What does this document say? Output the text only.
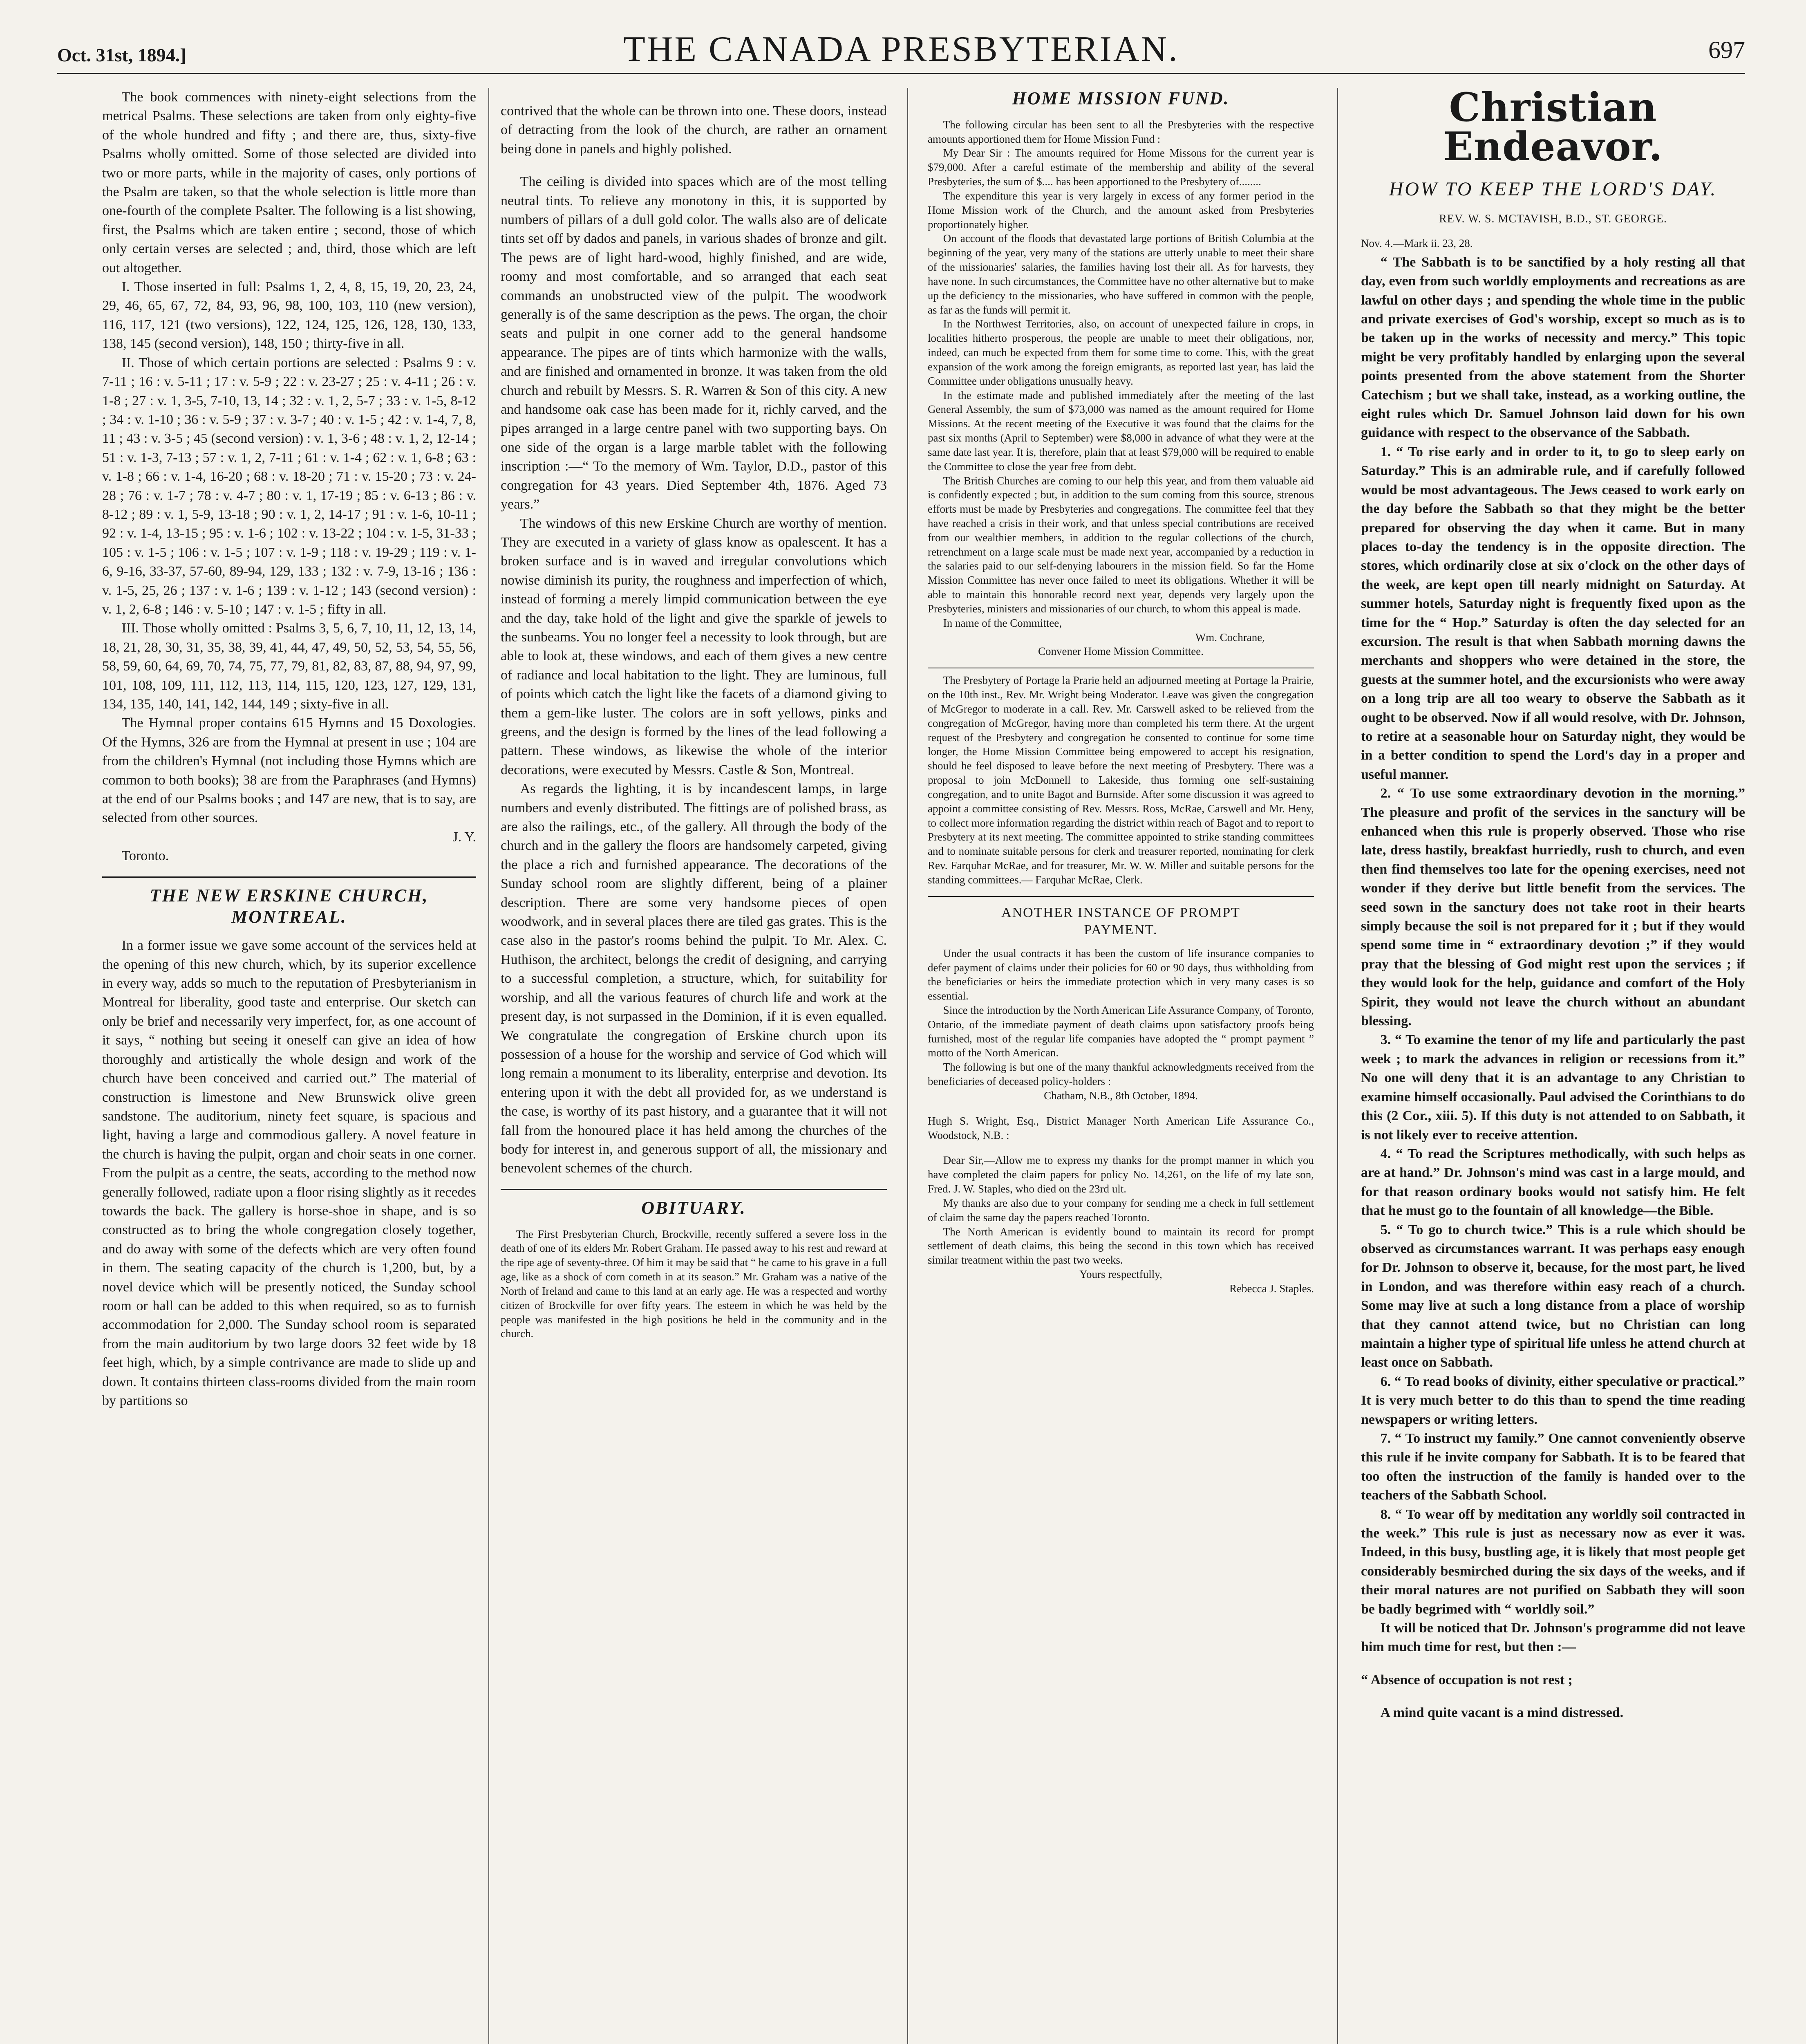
THE CANADA PRESBYTERIAN.
Oct. 31st, 1894.]	697

The book commences with ninety-eight selections from the metrical Psalms. These selections are taken from only eighty-five of the whole hundred and fifty ; and there are, thus, sixty-five Psalms wholly omitted. Some of those selected are divided into two or more parts, while in the majority of cases, only portions of the Psalm are taken, so that the whole selection is little more than one-fourth of the complete Psalter. The following is a list showing, first, the Psalms which are taken entire ; second, those of which only certain verses are selected ; and, third, those which are left out altogether.

I. Those inserted in full: Psalms 1, 2, 4, 8, 15, 19, 20, 23, 24, 29, 46, 65, 67, 72, 84, 93, 96, 98, 100, 103, 110 (new version), 116, 117, 121 (two versions), 122, 124, 125, 126, 128, 130, 133, 138, 145 (second version), 148, 150 ; thirty-five in all.

II. Those of which certain portions are selected : Psalms 9 : v. 7-11 ; 16 : v. 5-11 ; 17 : v. 5-9 ; 22 : v. 23-27 ; 25 : v. 4-11 ; 26 : v. 1-8 ; 27 : v. 1, 3-5, 7-10, 13, 14 ; 32 : v. 1, 2, 5-7 ; 33 : v. 1-5, 8-12 ; 34 : v. 1-10 ; 36 : v. 5-9 ; 37 : v. 3-7 ; 40 : v. 1-5 ; 42 : v. 1-4, 7, 8, 11 ; 43 : v. 3-5 ; 45 (second version) : v. 1, 3-6 ; 48 : v. 1, 2, 12-14 ; 51 : v. 1-3, 7-13 ; 57 : v. 1, 2, 7-11 ; 61 : v. 1-4 ; 62 : v. 1, 6-8 ; 63 : v. 1-8 ; 66 : v. 1-4, 16-20 ; 68 : v. 18-20 ; 71 : v. 15-20 ; 73 : v. 24-28 ; 76 : v. 1-7 ; 78 : v. 4-7 ; 80 : v. 1, 17-19 ; 85 : v. 6-13 ; 86 : v. 8-12 ; 89 : v. 1, 5-9, 13-18 ; 90 : v. 1, 2, 14-17 ; 91 : v. 1-6, 10-11 ; 92 : v. 1-4, 13-15 ; 95 : v. 1-6 ; 102 : v. 13-22 ; 104 : v. 1-5, 31-33 ; 105 : v. 1-5 ; 106 : v. 1-5 ; 107 : v. 1-9 ; 118 : v. 19-29 ; 119 : v. 1-6, 9-16, 33-37, 57-60, 89-94, 129, 133 ; 132 : v. 7-9, 13-16 ; 136 : v. 1-5, 25, 26 ; 137 : v. 1-6 ; 139 : v. 1-12 ; 143 (second version) : v. 1, 2, 6-8 ; 146 : v. 5-10 ; 147 : v. 1-5 ; fifty in all.

III. Those wholly omitted : Psalms 3, 5, 6, 7, 10, 11, 12, 13, 14, 18, 21, 28, 30, 31, 35, 38, 39, 41, 44, 47, 49, 50, 52, 53, 54, 55, 56, 58, 59, 60, 64, 69, 70, 74, 75, 77, 79, 81, 82, 83, 87, 88, 94, 97, 99, 101, 108, 109, 111, 112, 113, 114, 115, 120, 123, 127, 129, 131, 134, 135, 140, 141, 142, 144, 149 ; sixty-five in all.

The Hymnal proper contains 615 Hymns and 15 Doxologies. Of the Hymns, 326 are from the Hymnal at present in use ; 104 are from the children's Hymnal (not including those Hymns which are common to both books); 38 are from the Paraphrases (and Hymns) at the end of our Psalms books ; and 147 are new, that is to say, are selected from other sources.

J. Y.

Toronto.

THE NEW ERSKINE CHURCH,
MONTREAL.

In a former issue we gave some account of the services held at the opening of this new church, which, by its superior excellence in every way, adds so much to the reputation of Presbyterianism in Montreal for liberality, good taste and enterprise. Our sketch can only be brief and necessarily very imperfect, for, as one account of it says, “ nothing but seeing it oneself can give an idea of how thoroughly and artistically the whole design and work of the church have been conceived and carried out.” The material of construction is limestone and New Brunswick olive green sandstone. The auditorium, ninety feet square, is spacious and light, having a large and commodious gallery. A novel feature in the church is having the pulpit, organ and choir seats in one corner. From the pulpit as a centre, the seats, according to the method now generally followed, radiate upon a floor rising slightly as it recedes towards the back. The gallery is horse-shoe in shape, and is so constructed as to bring the whole congregation closely together, and do away with some of the defects which are very often found in them. The seating capacity of the church is 1,200, but, by a novel device which will be presently noticed, the Sunday school room or hall can be added to this when required, so as to furnish accommodation for 2,000. The Sunday school room is separated from the main auditorium by two large doors 32 feet wide by 18 feet high, which, by a simple contrivance are made to slide up and down. It contains thirteen class-rooms divided from the main room by partitions so

contrived that the whole can be thrown into one. These doors, instead of detracting from the look of the church, are rather an ornament being done in panels and highly polished.

The ceiling is divided into spaces which are of the most telling neutral tints. To relieve any monotony in this, it is supported by numbers of pillars of a dull gold color. The walls also are of delicate tints set off by dados and panels, in various shades of bronze and gilt. The pews are of light hard-wood, highly finished, and are wide, roomy and most comfortable, and so arranged that each seat commands an unobstructed view of the pulpit. The woodwork generally is of the same description as the pews. The organ, the choir seats and pulpit in one corner add to the general handsome appearance. The pipes are of tints which harmonize with the walls, and are finished and ornamented in bronze. It was taken from the old church and rebuilt by Messrs. S. R. Warren & Son of this city. A new and handsome oak case has been made for it, richly carved, and the pipes arranged in a large centre panel with two supporting bays. On one side of the organ is a large marble tablet with the following inscription :—“ To the memory of Wm. Taylor, D.D., pastor of this congregation for 43 years. Died September 4th, 1876. Aged 73 years.”

The windows of this new Erskine Church are worthy of mention. They are executed in a variety of glass know as opalescent. It has a broken surface and is in waved and irregular convolutions which nowise diminish its purity, the roughness and imperfection of which, instead of forming a merely limpid communication between the eye and the day, take hold of the light and give the sparkle of jewels to the sunbeams. You no longer feel a necessity to look through, but are able to look at, these windows, and each of them gives a new centre of radiance and local habitation to the light. They are luminous, full of points which catch the light like the facets of a diamond giving to them a gem-like luster. The colors are in soft yellows, pinks and greens, and the design is formed by the lines of the lead following a pattern. These windows, as likewise the whole of the interior decorations, were executed by Messrs. Castle & Son, Montreal.

As regards the lighting, it is by incandescent lamps, in large numbers and evenly distributed. The fittings are of polished brass, as are also the railings, etc., of the gallery. All through the body of the church and in the gallery the floors are handsomely carpeted, giving the place a rich and furnished appearance. The decorations of the Sunday school room are slightly different, being of a plainer description. There are some very handsome pieces of open woodwork, and in several places there are tiled gas grates. This is the case also in the pastor's rooms behind the pulpit. To Mr. Alex. C. Huthison, the architect, belongs the credit of designing, and carrying to a successful completion, a structure, which, for suitability for worship, and all the various features of church life and work at the present day, is not surpassed in the Dominion, if it is even equalled. We congratulate the congregation of Erskine church upon its possession of a house for the worship and service of God which will long remain a monument to its liberality, enterprise and devotion. Its entering upon it with the debt all provided for, as we understand is the case, is worthy of its past history, and a guarantee that it will not fall from the honoured place it has held among the churches of the body for interest in, and generous support of all, the missionary and benevolent schemes of the church.

OBITUARY.

The First Presbyterian Church, Brockville, recently suffered a severe loss in the death of one of its elders Mr. Robert Graham. He passed away to his rest and reward at the ripe age of seventy-three. Of him it may be said that “ he came to his grave in a full age, like as a shock of corn cometh in at its season.” Mr. Graham was a native of the North of Ireland and came to this land at an early age. He was a respected and worthy citizen of Brockville for over fifty years. The esteem in which he was held by the people was manifested in the high positions he held in the community and in the church.

HOME MISSION FUND.

The following circular has been sent to all the Presbyteries with the respective amounts apportioned them for Home Mission Fund :

My Dear Sir : The amounts required for Home Missons for the current year is $79,000. After a careful estimate of the membership and ability of the several Presbyteries, the sum of $.... has been apportioned to the Presbytery of........

The expenditure this year is very largely in excess of any former period in the Home Mission work of the Church, and the amount asked from Presbyteries proportionately higher.

On account of the floods that devastated large portions of British Columbia at the beginning of the year, very many of the stations are utterly unable to meet their share of the missionaries' salaries, the families having lost their all. As for harvests, they have none. In such circumstances, the Committee have no other alternative but to make up the deficiency to the missionaries, who have suffered in common with the people, as far as the funds will permit it.

In the Northwest Territories, also, on account of unexpected failure in crops, in localities hitherto prosperous, the people are unable to meet their obligations, nor, indeed, can much be expected from them for some time to come. This, with the great expansion of the work among the foreign emigrants, as reported last year, has laid the Committee under obligations unusually heavy.

In the estimate made and published immediately after the meeting of the last General Assembly, the sum of $73,000 was named as the amount required for Home Missions. At the recent meeting of the Executive it was found that the claims for the past six months (April to September) were $8,000 in advance of what they were at the same date last year. It is, therefore, plain that at least $79,000 will be required to enable the Committee to close the year free from debt.

The British Churches are coming to our help this year, and from them valuable aid is confidently expected ; but, in addition to the sum coming from this source, strenous efforts must be made by Presbyteries and congregations. The committee feel that they have reached a crisis in their work, and that unless special contributions are received from our wealthier members, in addition to the regular collections of the church, retrenchment on a large scale must be made next year, accompanied by a reduction in the salaries paid to our self-denying labourers in the mission field. So far the Home Mission Committee has never once failed to meet its obligations. Whether it will be able to maintain this honorable record next year, depends very largely upon the Presbyteries, ministers and missionaries of our church, to whom this appeal is made.

In name of the Committee,

Wm. Cochrane,

Convener Home Mission Committee.

The Presbytery of Portage la Prarie held an adjourned meeting at Portage la Prairie, on the 10th inst., Rev. Mr. Wright being Moderator. Leave was given the congregation of McGregor to moderate in a call. Rev. Mr. Carswell asked to be relieved from the congregation of McGregor, having more than completed his term there. At the urgent request of the Presbytery and congregation he consented to continue for some time longer, the Home Mission Committee being empowered to accept his resignation, should he feel disposed to leave before the next meeting of Presbytery. There was a proposal to join McDonnell to Lakeside, thus forming one self-sustaining congregation, and to unite Bagot and Burnside. After some discussion it was agreed to appoint a committee consisting of Rev. Messrs. Ross, McRae, Carswell and Mr. Heny, to collect more information regarding the district within reach of Bagot and to report to Presbytery at its next meeting. The committee appointed to strike standing committees and to nominate suitable persons for clerk and treasurer reported, nominating for clerk Rev. Farquhar McRae, and for treasurer, Mr. W. W. Miller and suitable persons for the standing committees.— Farquhar McRae, Clerk.

ANOTHER INSTANCE OF PROMPT
PAYMENT.

Under the usual contracts it has been the custom of life insurance companies to defer payment of claims under their policies for 60 or 90 days, thus withholding from the beneficiaries or heirs the immediate protection which in very many cases is so essential.

Since the introduction by the North American Life Assurance Company, of Toronto, Ontario, of the immediate payment of death claims upon satisfactory proofs being furnished, most of the regular life companies have adopted the “ prompt payment ” motto of the North American.

The following is but one of the many thankful acknowledgments received from the beneficiaries of deceased policy-holders :

Chatham, N.B., 8th October, 1894.

Hugh S. Wright, Esq., District Manager North American Life Assurance Co., Woodstock, N.B. :

Dear Sir,—Allow me to express my thanks for the prompt manner in which you have completed the claim papers for policy No. 14,261, on the life of my late son, Fred. J. W. Staples, who died on the 23rd ult.

My thanks are also due to your company for sending me a check in full settlement of claim the same day the papers reached Toronto.

The North American is evidently bound to maintain its record for prompt settlement of death claims, this being the second in this town which has received similar treatment within the past two weeks.

Yours respectfully,

Rebecca J. Staples.

Christian Endeavor.
HOW TO KEEP THE LORD'S DAY.
REV. W. S. MCTAVISH, B.D., ST. GEORGE.
Nov. 4.—Mark ii. 23, 28.

“ The Sabbath is to be sanctified by a holy resting all that day, even from such worldly employments and recreations as are lawful on other days ; and spending the whole time in the public and private exercises of God's worship, except so much as is to be taken up in the works of necessity and mercy.” This topic might be very profitably handled by enlarging upon the several points presented from the above statement from the Shorter Catechism ; but we shall take, instead, as a working outline, the eight rules which Dr. Samuel Johnson laid down for his own guidance with respect to the observance of the Sabbath.

1. “ To rise early and in order to it, to go to sleep early on Saturday.” This is an admirable rule, and if carefully followed would be most advantageous. The Jews ceased to work early on the day before the Sabbath so that they might be the better prepared for observing the day when it came. But in many places to-day the tendency is in the opposite direction. The stores, which ordinarily close at six o'clock on the other days of the week, are kept open till nearly midnight on Saturday. At summer hotels, Saturday night is frequently fixed upon as the time for the “ Hop.” Saturday is often the day selected for an excursion. The result is that when Sabbath morning dawns the merchants and shoppers who were detained in the store, the guests at the summer hotel, and the excursionists who were away on a long trip are all too weary to observe the Sabbath as it ought to be observed. Now if all would resolve, with Dr. Johnson, to retire at a seasonable hour on Saturday night, they would be in a better condition to spend the Lord's day in a proper and useful manner.

2. “ To use some extraordinary devotion in the morning.” The pleasure and profit of the services in the sanctury will be enhanced when this rule is properly observed. Those who rise late, dress hastily, breakfast hurriedly, rush to church, and even then find themselves too late for the opening exercises, need not wonder if they derive but little benefit from the services. The seed sown in the sanctury does not take root in their hearts simply because the soil is not prepared for it ; but if they would spend some time in “ extraordinary devotion ;” if they would pray that the blessing of God might rest upon the services ; if they would look for the help, guidance and comfort of the Holy Spirit, they would not leave the church without an abundant blessing.

3. “ To examine the tenor of my life and particularly the past week ; to mark the advances in religion or recessions from it.” No one will deny that it is an advantage to any Christian to examine himself occasionally. Paul advised the Corinthians to do this (2 Cor., xiii. 5). If this duty is not attended to on Sabbath, it is not likely ever to receive attention.

4. “ To read the Scriptures methodically, with such helps as are at hand.” Dr. Johnson's mind was cast in a large mould, and for that reason ordinary books would not satisfy him. He felt that he must go to the fountain of all knowledge—the Bible.

5. “ To go to church twice.” This is a rule which should be observed as circumstances warrant. It was perhaps easy enough for Dr. Johnson to observe it, because, for the most part, he lived in London, and was therefore within easy reach of a church. Some may live at such a long distance from a place of worship that they cannot attend twice, but no Christian can long maintain a higher type of spiritual life unless he attend church at least once on Sabbath.

6. “ To read books of divinity, either speculative or practical.” It is very much better to do this than to spend the time reading newspapers or writing letters.

7. “ To instruct my family.” One cannot conveniently observe this rule if he invite company for Sabbath. It is to be feared that too often the instruction of the family is handed over to the teachers of the Sabbath School.

8. “ To wear off by meditation any worldly soil contracted in the week.” This rule is just as necessary now as ever it was. Indeed, in this busy, bustling age, it is likely that most people get considerably besmirched during the six days of the weeks, and if their moral natures are not purified on Sabbath they will soon be badly begrimed with “ worldly soil.”

It will be noticed that Dr. Johnson's programme did not leave him much time for rest, but then :—

“ Absence of occupation is not rest ;

A mind quite vacant is a mind distressed.
